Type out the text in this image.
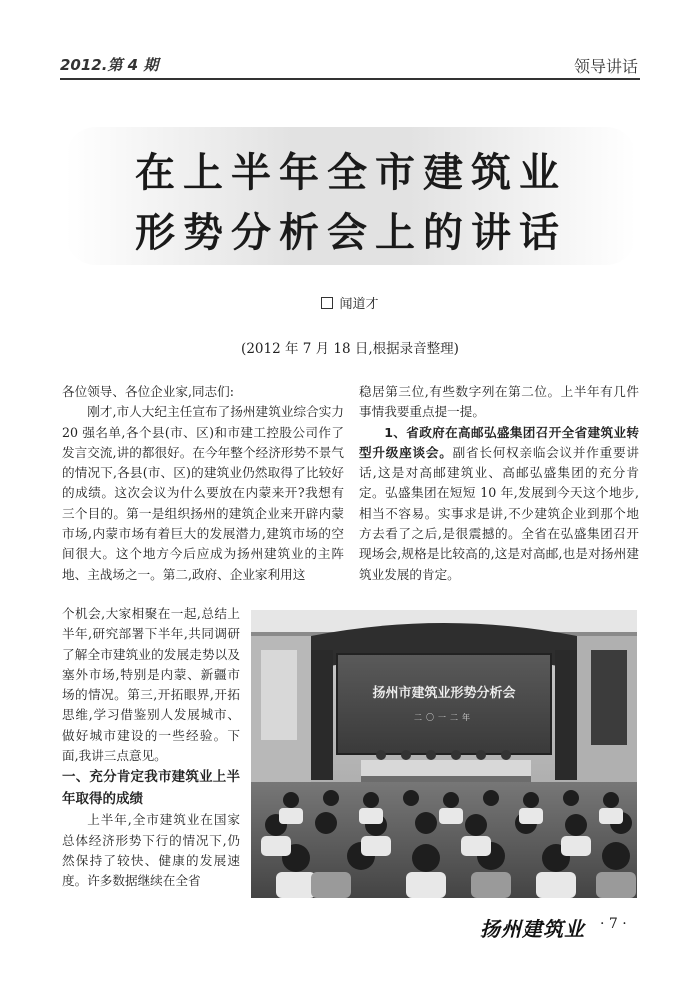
2012.第 4 期	领导讲话
在上半年全市建筑业
形势分析会上的讲话
闻道才
(2012 年 7 月 18 日,根据录音整理)

各位领导、各位企业家,同志们:

刚才,市人大纪主任宣布了扬州建筑业综合实力 20 强名单,各个县(市、区)和市建工控股公司作了发言交流,讲的都很好。在今年整个经济形势不景气的情况下,各县(市、区)的建筑业仍然取得了比较好的成绩。这次会议为什么要放在内蒙来开?我想有三个目的。第一是组织扬州的建筑企业来开辟内蒙市场,内蒙市场有着巨大的发展潜力,建筑市场的空间很大。这个地方今后应成为扬州建筑业的主阵地、主战场之一。第二,政府、企业家利用这

个机会,大家相聚在一起,总结上半年,研究部署下半年,共同调研了解全市建筑业的发展走势以及塞外市场,特别是内蒙、新疆市场的情况。第三,开拓眼界,开拓思维,学习借鉴别人发展城市、做好城市建设的一些经验。下面,我讲三点意见。

一、充分肯定我市建筑业上半年取得的成绩

上半年,全市建筑业在国家总体经济形势下行的情况下,仍然保持了较快、健康的发展速度。许多数据继续在全省

稳居第三位,有些数字列在第二位。上半年有几件事情我要重点提一提。

1、省政府在高邮弘盛集团召开全省建筑业转型升级座谈会。副省长何权亲临会议并作重要讲话,这是对高邮建筑业、高邮弘盛集团的充分肯定。弘盛集团在短短 10 年,发展到今天这个地步,相当不容易。实事求是讲,不少建筑企业到那个地方去看了之后,是很震撼的。全省在弘盛集团召开现场会,规格是比较高的,这是对高邮,也是对扬州建筑业发展的肯定。

扬州市建筑业形势分析会
二〇一二年
扬州建筑业 · 7 ·
